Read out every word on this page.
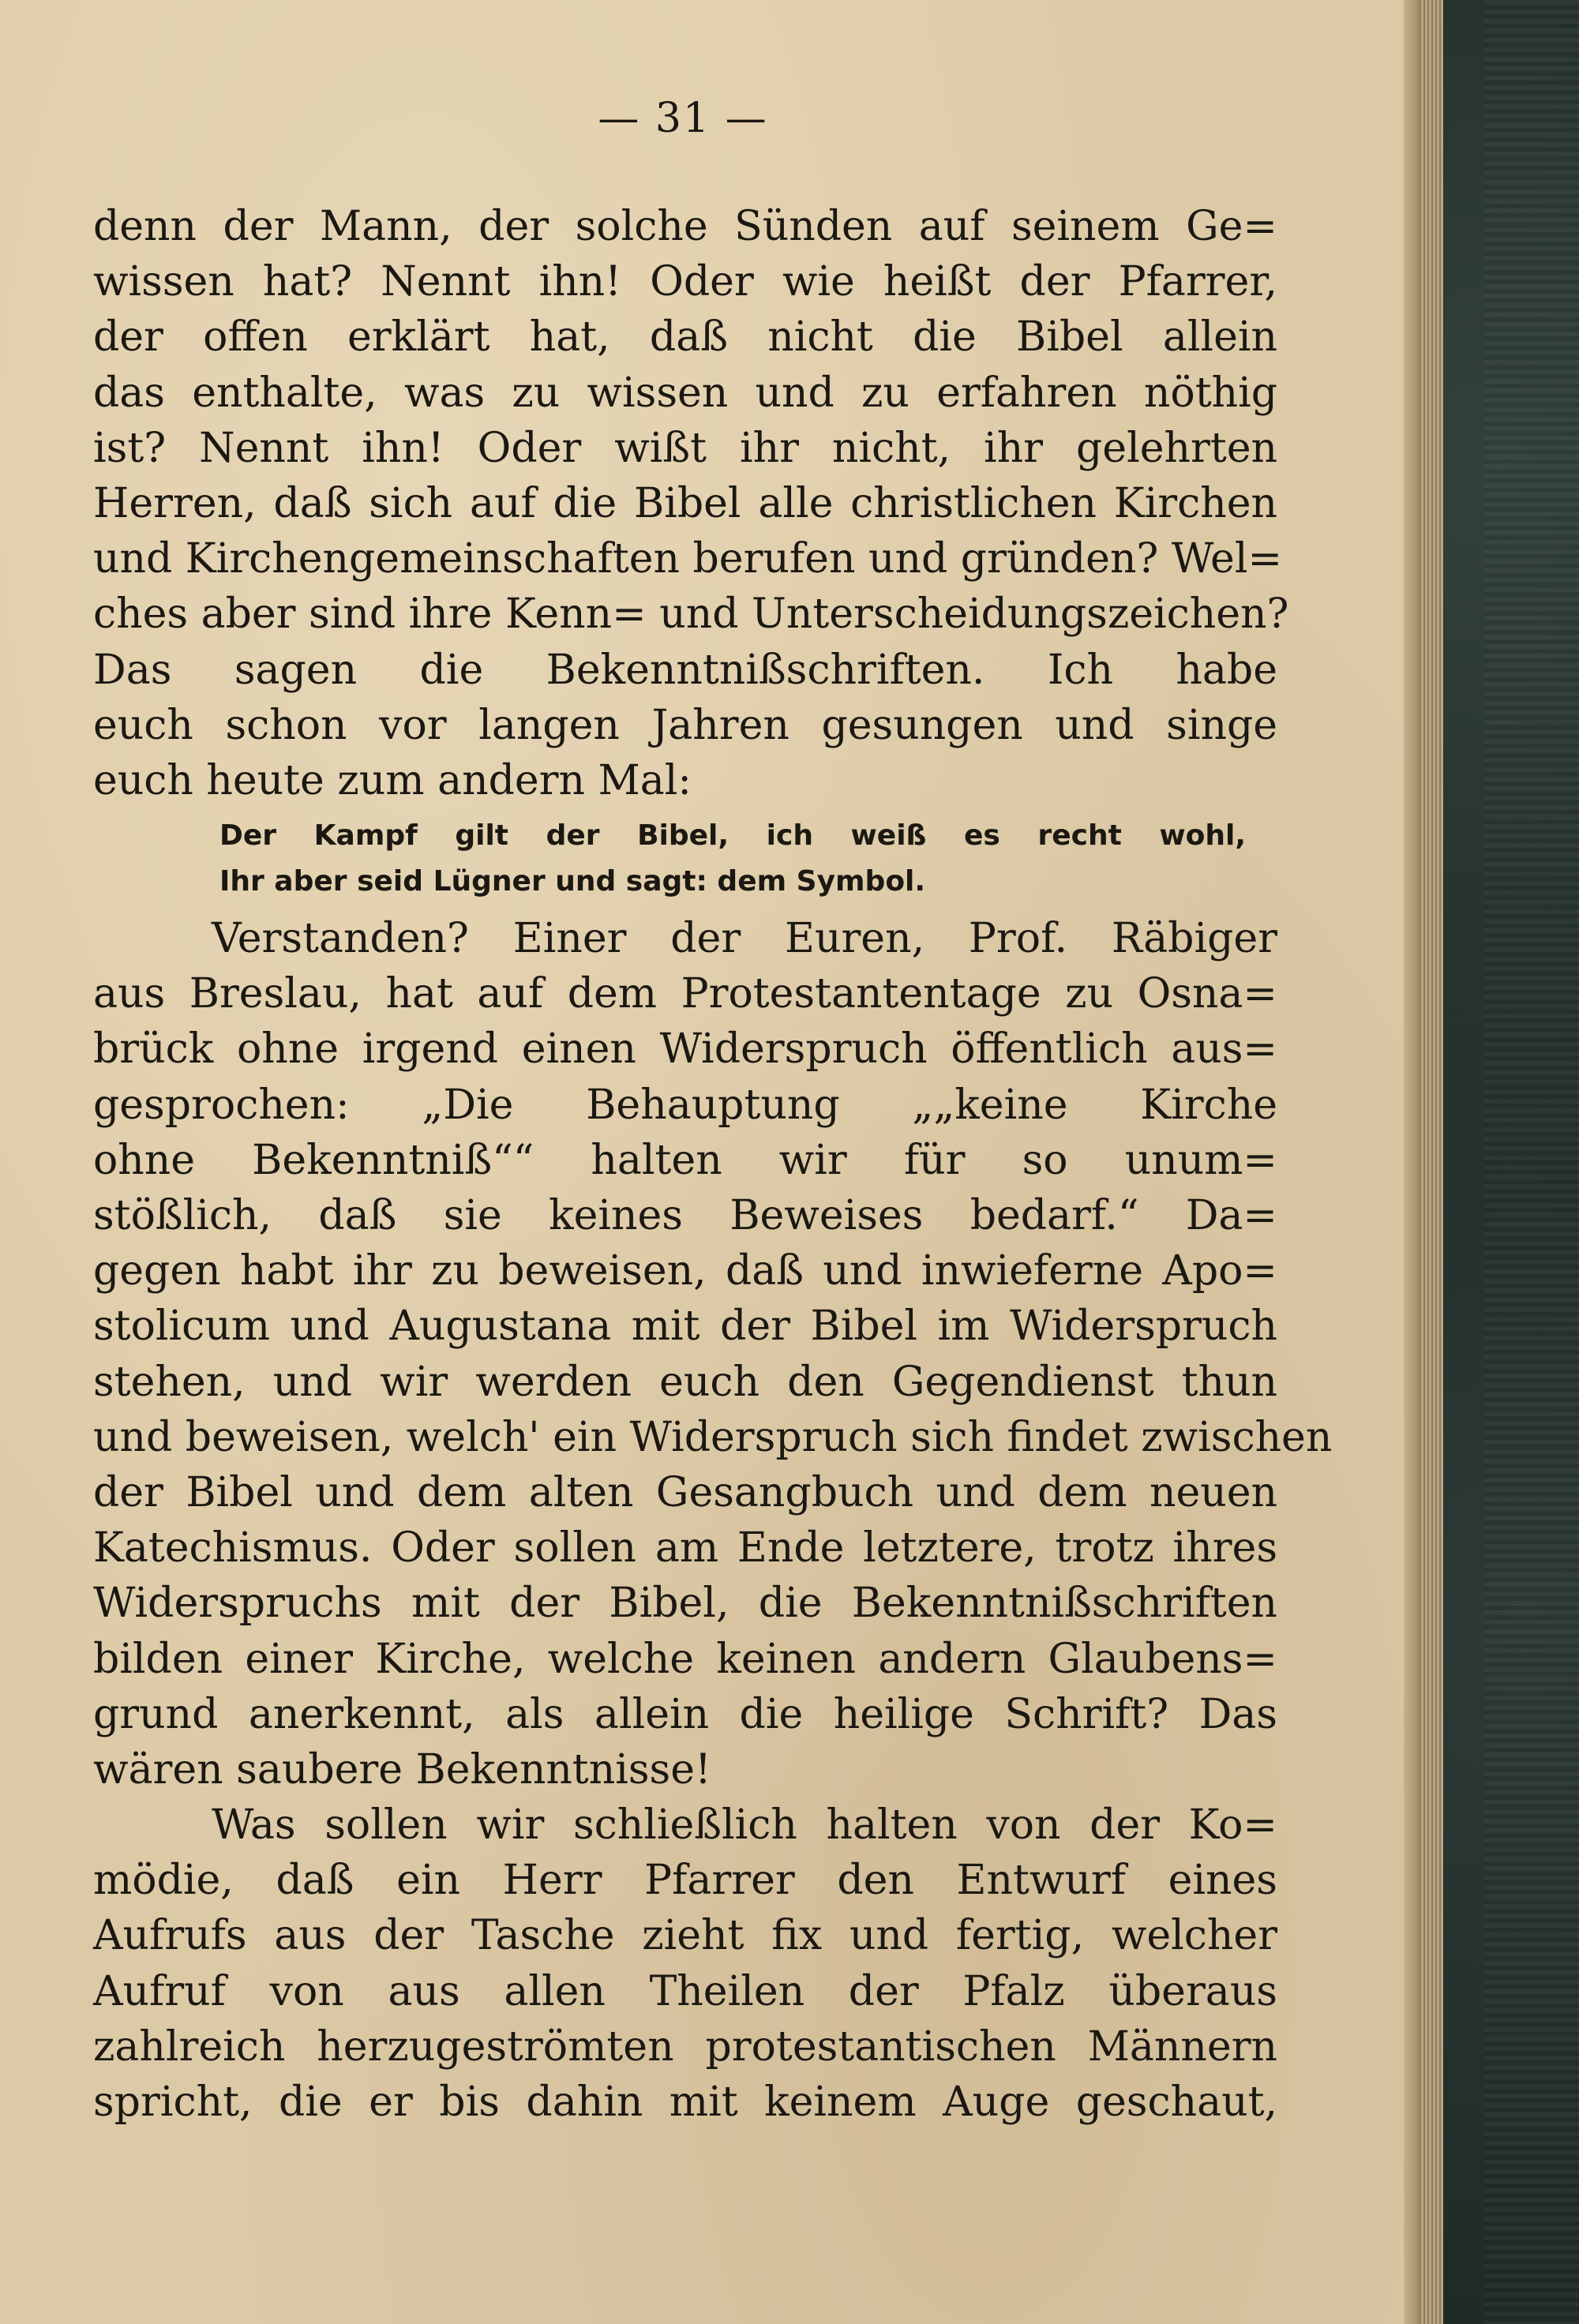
— 31 —
denn der Mann, der solche Sünden auf seinem Ge=
wissen hat? Nennt ihn! Oder wie heißt der Pfarrer,
der offen erklärt hat, daß nicht die Bibel allein
das enthalte, was zu wissen und zu erfahren nöthig
ist? Nennt ihn! Oder wißt ihr nicht, ihr gelehrten
Herren, daß sich auf die Bibel alle christlichen Kirchen
und Kirchengemeinschaften berufen und gründen? Wel=
ches aber sind ihre Kenn= und Unterscheidungszeichen?
Das sagen die Bekenntnißschriften. Ich habe
euch schon vor langen Jahren gesungen und singe
euch heute zum andern Mal:
Der Kampf gilt der Bibel, ich weiß es recht wohl,
Ihr aber seid Lügner und sagt: dem Symbol.
Verstanden? Einer der Euren, Prof. Räbiger
aus Breslau, hat auf dem Protestantentage zu Osna=
brück ohne irgend einen Widerspruch öffentlich aus=
gesprochen: „Die Behauptung „„keine Kirche
ohne Bekenntniß““ halten wir für so unum=
stößlich, daß sie keines Beweises bedarf.“ Da=
gegen habt ihr zu beweisen, daß und inwieferne Apo=
stolicum und Augustana mit der Bibel im Widerspruch
stehen, und wir werden euch den Gegendienst thun
und beweisen, welch' ein Widerspruch sich findet zwischen
der Bibel und dem alten Gesangbuch und dem neuen
Katechismus. Oder sollen am Ende letztere, trotz ihres
Widerspruchs mit der Bibel, die Bekenntnißschriften
bilden einer Kirche, welche keinen andern Glaubens=
grund anerkennt, als allein die heilige Schrift? Das
wären saubere Bekenntnisse!
Was sollen wir schließlich halten von der Ko=
mödie, daß ein Herr Pfarrer den Entwurf eines
Aufrufs aus der Tasche zieht fix und fertig, welcher
Aufruf von aus allen Theilen der Pfalz überaus
zahlreich herzugeströmten protestantischen Männern
spricht, die er bis dahin mit keinem Auge geschaut,
